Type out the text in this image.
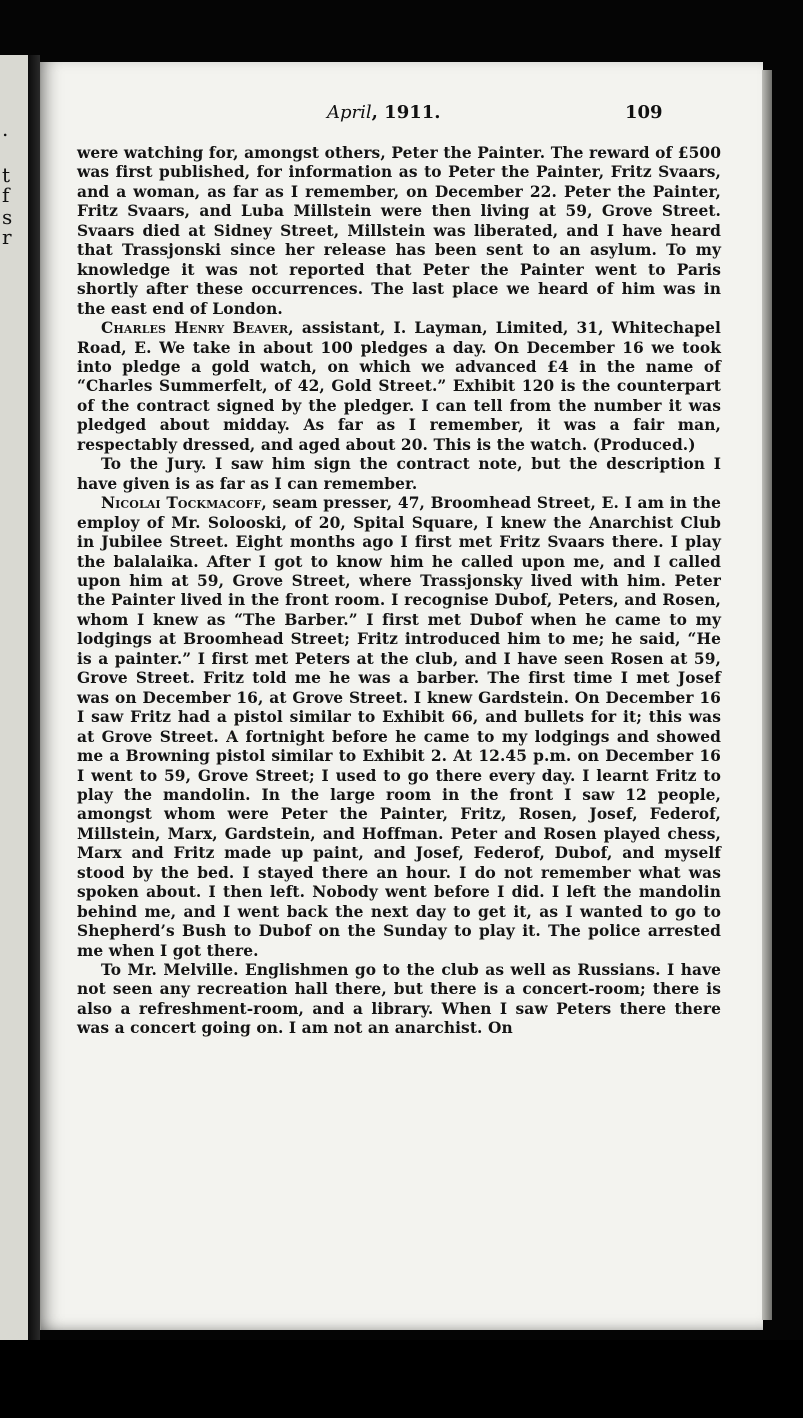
.
t
f
s
r
April, 1911.	109

were watching for, amongst others, Peter the Painter. The reward of £500 was first published, for information as to Peter the Painter, Fritz Svaars, and a woman, as far as I remember, on December 22. Peter the Painter, Fritz Svaars, and Luba Millstein were then living at 59, Grove Street. Svaars died at Sidney Street, Millstein was liberated, and I have heard that Trassjonski since her release has been sent to an asylum. To my knowledge it was not reported that Peter the Painter went to Paris shortly after these occurrences. The last place we heard of him was in the east end of London.

Charles Henry Beaver, assistant, I. Layman, Limited, 31, Whitechapel Road, E. We take in about 100 pledges a day. On December 16 we took into pledge a gold watch, on which we advanced £4 in the name of “Charles Summerfelt, of 42, Gold Street.” Exhibit 120 is the counterpart of the contract signed by the pledger. I can tell from the number it was pledged about midday. As far as I remember, it was a fair man, respectably dressed, and aged about 20. This is the watch. (Produced.)

To the Jury. I saw him sign the contract note, but the description I have given is as far as I can remember.

Nicolai Tockmacoff, seam presser, 47, Broomhead Street, E. I am in the employ of Mr. Solooski, of 20, Spital Square, I knew the Anarchist Club in Jubilee Street. Eight months ago I first met Fritz Svaars there. I play the balalaika. After I got to know him he called upon me, and I called upon him at 59, Grove Street, where Trassjonsky lived with him. Peter the Painter lived in the front room. I recognise Dubof, Peters, and Rosen, whom I knew as “The Barber.” I first met Dubof when he came to my lodgings at Broomhead Street; Fritz introduced him to me; he said, “He is a painter.” I first met Peters at the club, and I have seen Rosen at 59, Grove Street. Fritz told me he was a barber. The first time I met Josef was on December 16, at Grove Street. I knew Gardstein. On December 16 I saw Fritz had a pistol similar to Exhibit 66, and bullets for it; this was at Grove Street. A fortnight before he came to my lodgings and showed me a Browning pistol similar to Exhibit 2. At 12.45 p.m. on December 16 I went to 59, Grove Street; I used to go there every day. I learnt Fritz to play the mandolin. In the large room in the front I saw 12 people, amongst whom were Peter the Painter, Fritz, Rosen, Josef, Federof, Millstein, Marx, Gardstein, and Hoffman. Peter and Rosen played chess, Marx and Fritz made up paint, and Josef, Federof, Dubof, and myself stood by the bed. I stayed there an hour. I do not remember what was spoken about. I then left. Nobody went before I did. I left the mandolin behind me, and I went back the next day to get it, as I wanted to go to Shepherd’s Bush to Dubof on the Sunday to play it. The police arrested me when I got there.

To Mr. Melville. Englishmen go to the club as well as Russians. I have not seen any recreation hall there, but there is a concert-room; there is also a refreshment-room, and a library. When I saw Peters there there was a concert going on. I am not an anarchist. On
